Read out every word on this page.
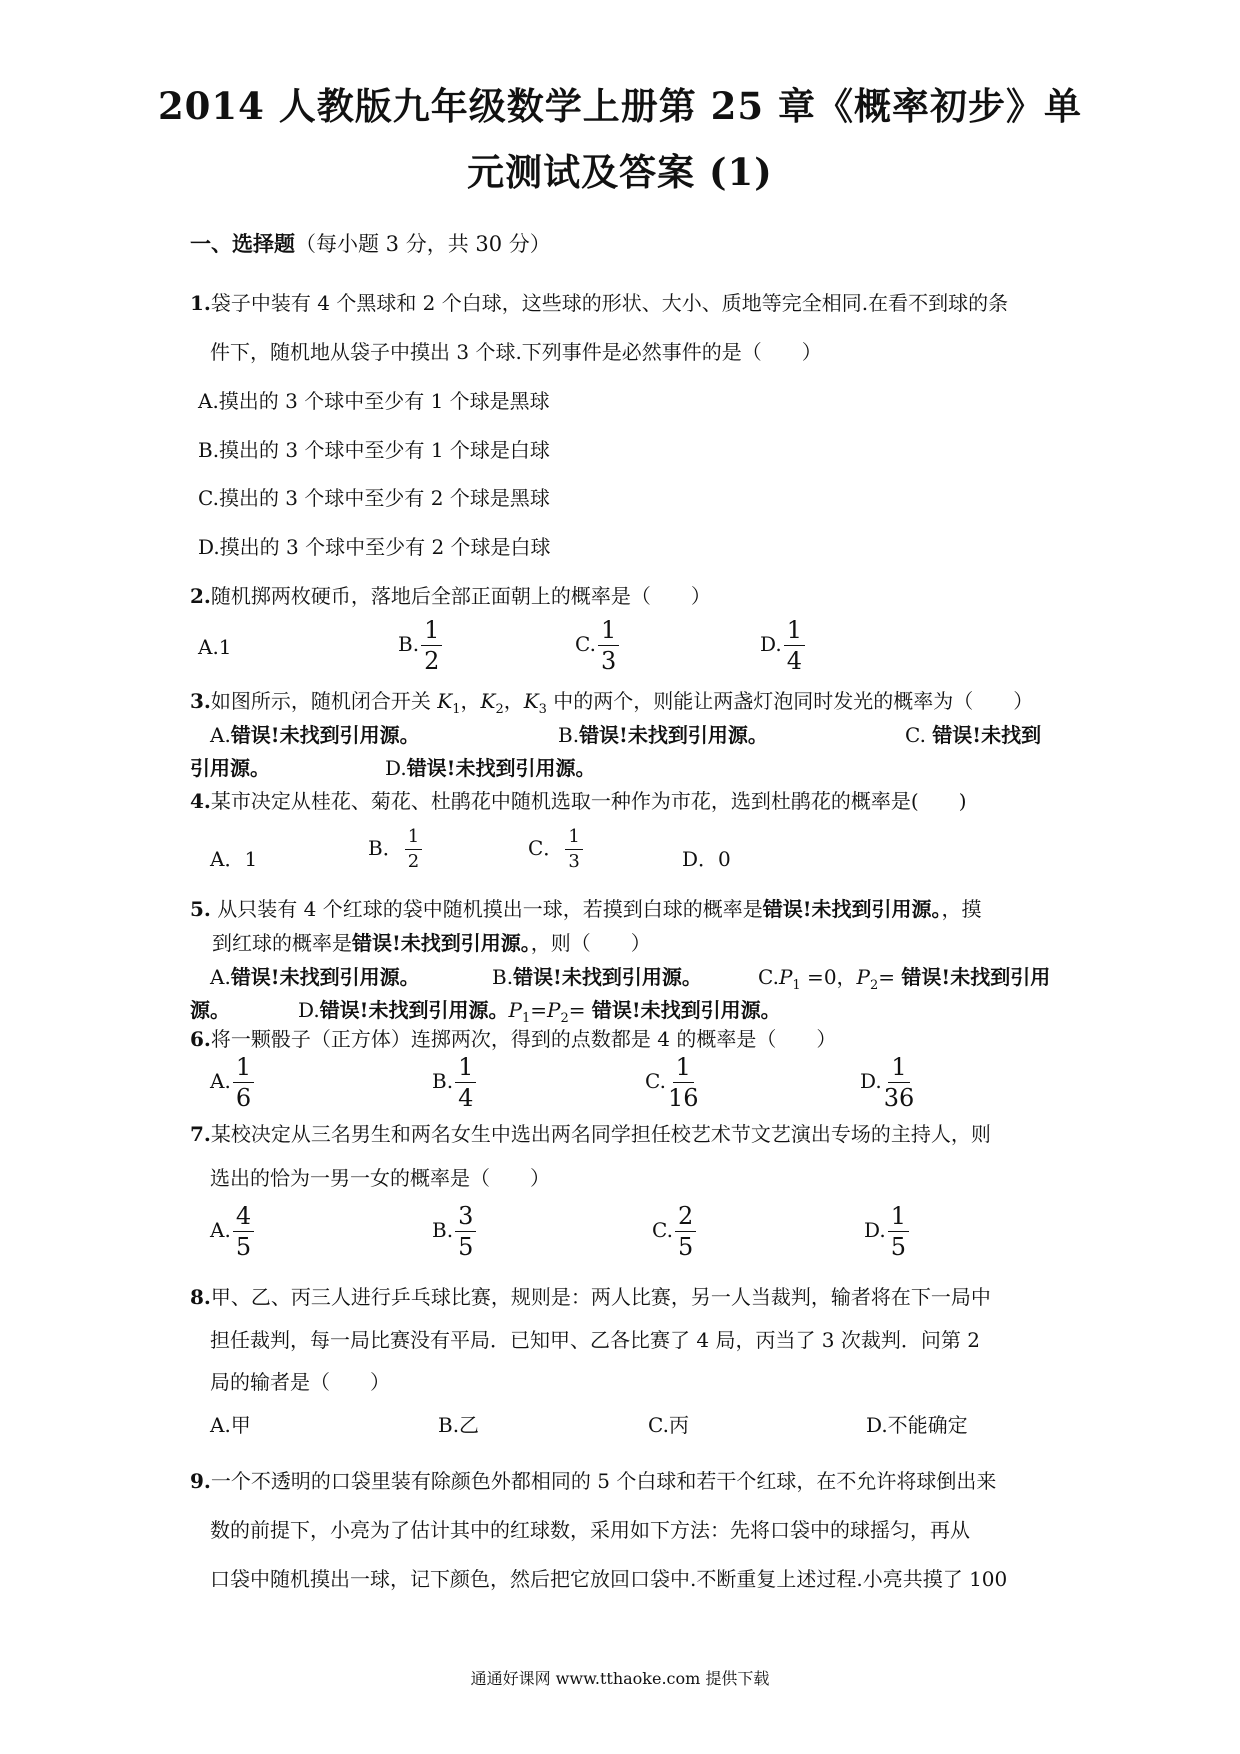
2014 人教版九年级数学上册第 25 章《概率初步》单
元测试及答案 (1)
一、选择题（每小题 3 分，共 30 分）
1.袋子中装有 4 个黑球和 2 个白球，这些球的形状、大小、质地等完全相同.在看不到球的条
件下，随机地从袋子中摸出 3 个球.下列事件是必然事件的是（　　）
A.摸出的 3 个球中至少有 1 个球是黑球
B.摸出的 3 个球中至少有 1 个球是白球
C.摸出的 3 个球中至少有 2 个球是黑球
D.摸出的 3 个球中至少有 2 个球是白球
2.随机掷两枚硬币，落地后全部正面朝上的概率是（　　）
A.1	B. $\frac{1}{2}$	C. $\frac{1}{3}$	D. $\frac{1}{4}$
3.如图所示，随机闭合开关 $K_1$，$K_2$，$K_3$ 中的两个，则能让两盏灯泡同时发光的概率为（　　）
A.错误!未找到引用源。	B.错误!未找到引用源。	C. 错误!未找到
引用源。	D.错误!未找到引用源。
4.某市决定从桂花、菊花、杜鹃花中随机选取一种作为市花，选到杜鹃花的概率是(　　)
A．1	B． $\frac{1}{2}$	C． $\frac{1}{3}$	D．0
5. 从只装有 4 个红球的袋中随机摸出一球，若摸到白球的概率是错误!未找到引用源。，摸
到红球的概率是错误!未找到引用源。，则（　　）
A.错误!未找到引用源。	B.错误!未找到引用源。	$C.P_1 =0$，$P_2=$ 错误!未找到引用
源。	D.错误!未找到引用源。$P_1=P_2=$ 错误!未找到引用源。
6.将一颗骰子（正方体）连掷两次，得到的点数都是 4 的概率是（　　）
A. $\frac{1}{6}$	B. $\frac{1}{4}$	C. $\frac{1}{16}$	D. $\frac{1}{36}$
7.某校决定从三名男生和两名女生中选出两名同学担任校艺术节文艺演出专场的主持人，则
选出的恰为一男一女的概率是（　　）
A. $\frac{4}{5}$	B. $\frac{3}{5}$	C. $\frac{2}{5}$	D. $\frac{1}{5}$
8.甲、乙、丙三人进行乒乓球比赛，规则是：两人比赛，另一人当裁判，输者将在下一局中
担任裁判，每一局比赛没有平局．已知甲、乙各比赛了 4 局，丙当了 3 次裁判．问第 2
局的输者是（　　）
A.甲	B.乙	C.丙	D.不能确定
9.一个不透明的口袋里装有除颜色外都相同的 5 个白球和若干个红球，在不允许将球倒出来
数的前提下，小亮为了估计其中的红球数，采用如下方法：先将口袋中的球摇匀，再从
口袋中随机摸出一球，记下颜色，然后把它放回口袋中.不断重复上述过程.小亮共摸了 100
通通好课网 www.tthaoke.com 提供下载
